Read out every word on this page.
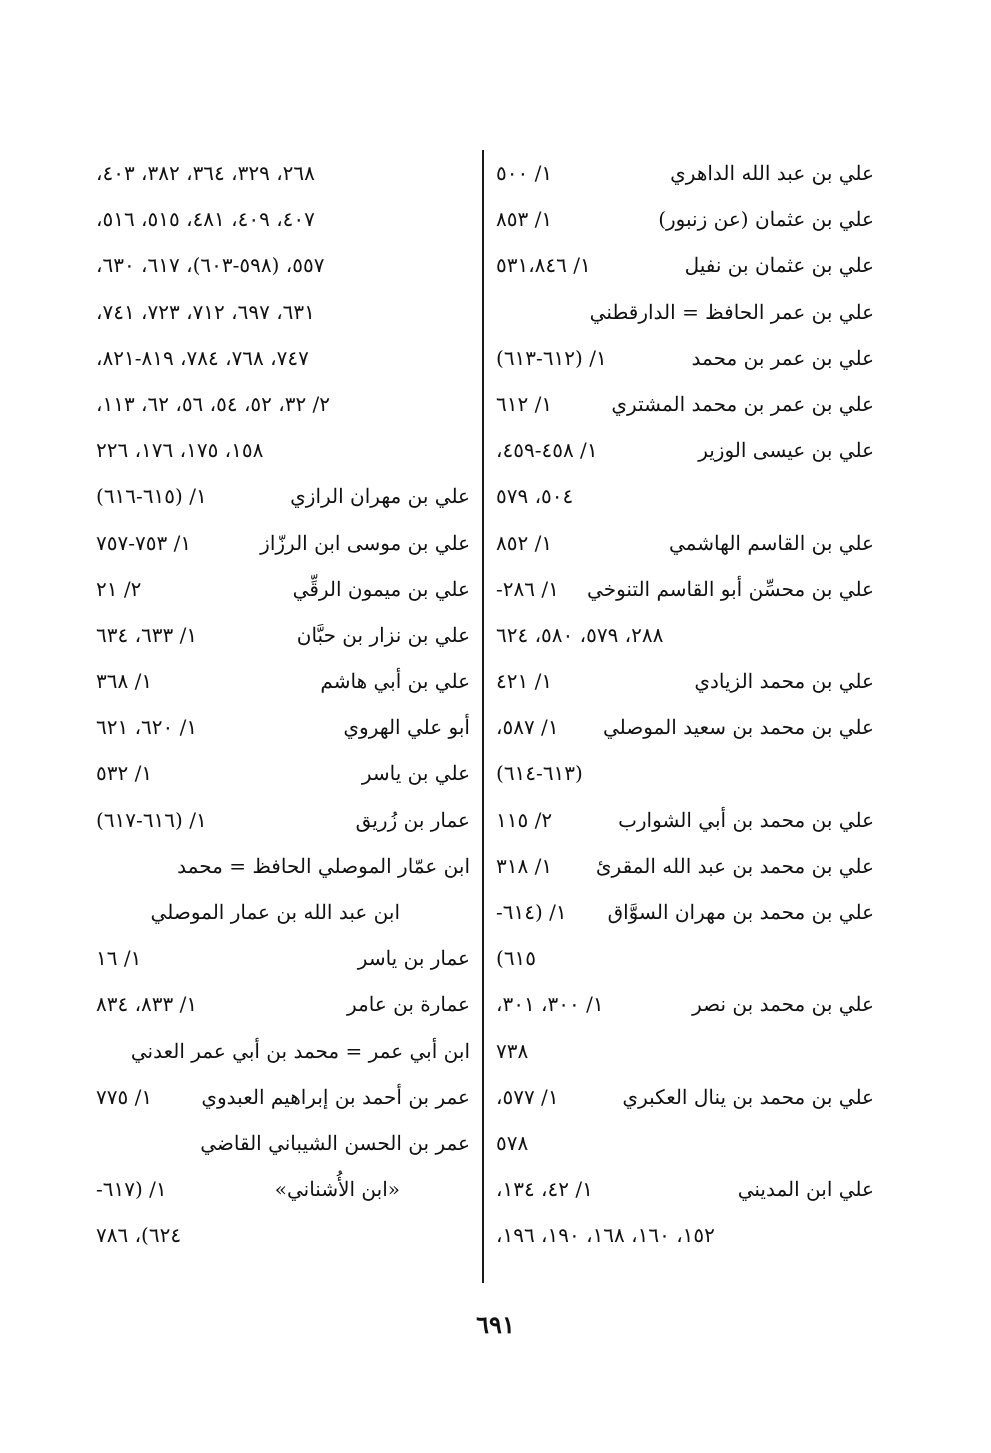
علي بن عبد الله الداهري
١/ ٥٠٠
علي بن عثمان (عن زنبور)
١/ ٨٥٣
علي بن عثمان بن نفيل
١/ ٥٣١،٨٤٦
علي بن عمر الحافظ = الدارقطني
علي بن عمر بن محمد
١/ (٦١٢-٦١٣)
علي بن عمر بن محمد المشتري
١/ ٦١٢
علي بن عيسى الوزير
١/ ٤٥٨-٤٥٩،
٥٠٤، ٥٧٩
علي بن القاسم الهاشمي
١/ ٨٥٢
علي بن محسِّن أبو القاسم التنوخي
١/ ٢٨٦-
٢٨٨، ٥٧٩، ٥٨٠، ٦٢٤
علي بن محمد الزيادي
١/ ٤٢١
علي بن محمد بن سعيد الموصلي
١/ ٥٨٧،
(٦١٣-٦١٤)
علي بن محمد بن أبي الشوارب
٢/ ١١٥
علي بن محمد بن عبد الله المقرئ
١/ ٣١٨
علي بن محمد بن مهران السوَّاق
١/ (٦١٤-
٦١٥)
علي بن محمد بن نصر
١/ ٣٠٠، ٣٠١،
٧٣٨
علي بن محمد بن ينال العكبري
١/ ٥٧٧،
٥٧٨
علي ابن المديني
١/ ٤٢، ١٣٤،
١٥٢، ١٦٠، ١٦٨، ١٩٠، ١٩٦،
٢٦٨، ٣٢٩، ٣٦٤، ٣٨٢، ٤٠٣،
٤٠٧، ٤٠٩، ٤٨١، ٥١٥، ٥١٦،
٥٥٧، (٥٩٨-٦٠٣)، ٦١٧، ٦٣٠،
٦٣١، ٦٩٧، ٧١٢، ٧٢٣، ٧٤١،
٧٤٧، ٧٦٨، ٧٨٤، ٨١٩-٨٢١،
٢/ ٣٢، ٥٢، ٥٤، ٥٦، ٦٢، ١١٣،
١٥٨، ١٧٥، ١٧٦، ٢٢٦
علي بن مهران الرازي
١/ (٦١٥-٦١٦)
علي بن موسى ابن الرزّاز
١/ ٧٥٣-٧٥٧
علي بن ميمون الرقِّي
٢/ ٢١
علي بن نزار بن حبَّان
١/ ٦٣٣، ٦٣٤
علي بن أبي هاشم
١/ ٣٦٨
أبو علي الهروي
١/ ٦٢٠، ٦٢١
علي بن ياسر
١/ ٥٣٢
عمار بن زُريق
١/ (٦١٦-٦١٧)
ابن عمّار الموصلي الحافظ = محمد
ابن عبد الله بن عمار الموصلي
عمار بن ياسر
١/ ١٦
عمارة بن عامر
١/ ٨٣٣، ٨٣٤
ابن أبي عمر = محمد بن أبي عمر العدني
عمر بن أحمد بن إبراهيم العبدوي
١/ ٧٧٥
عمر بن الحسن الشيباني القاضي
«ابن الأُشناني»
١/ (٦١٧-
٦٢٤)، ٧٨٦
٦٩١
